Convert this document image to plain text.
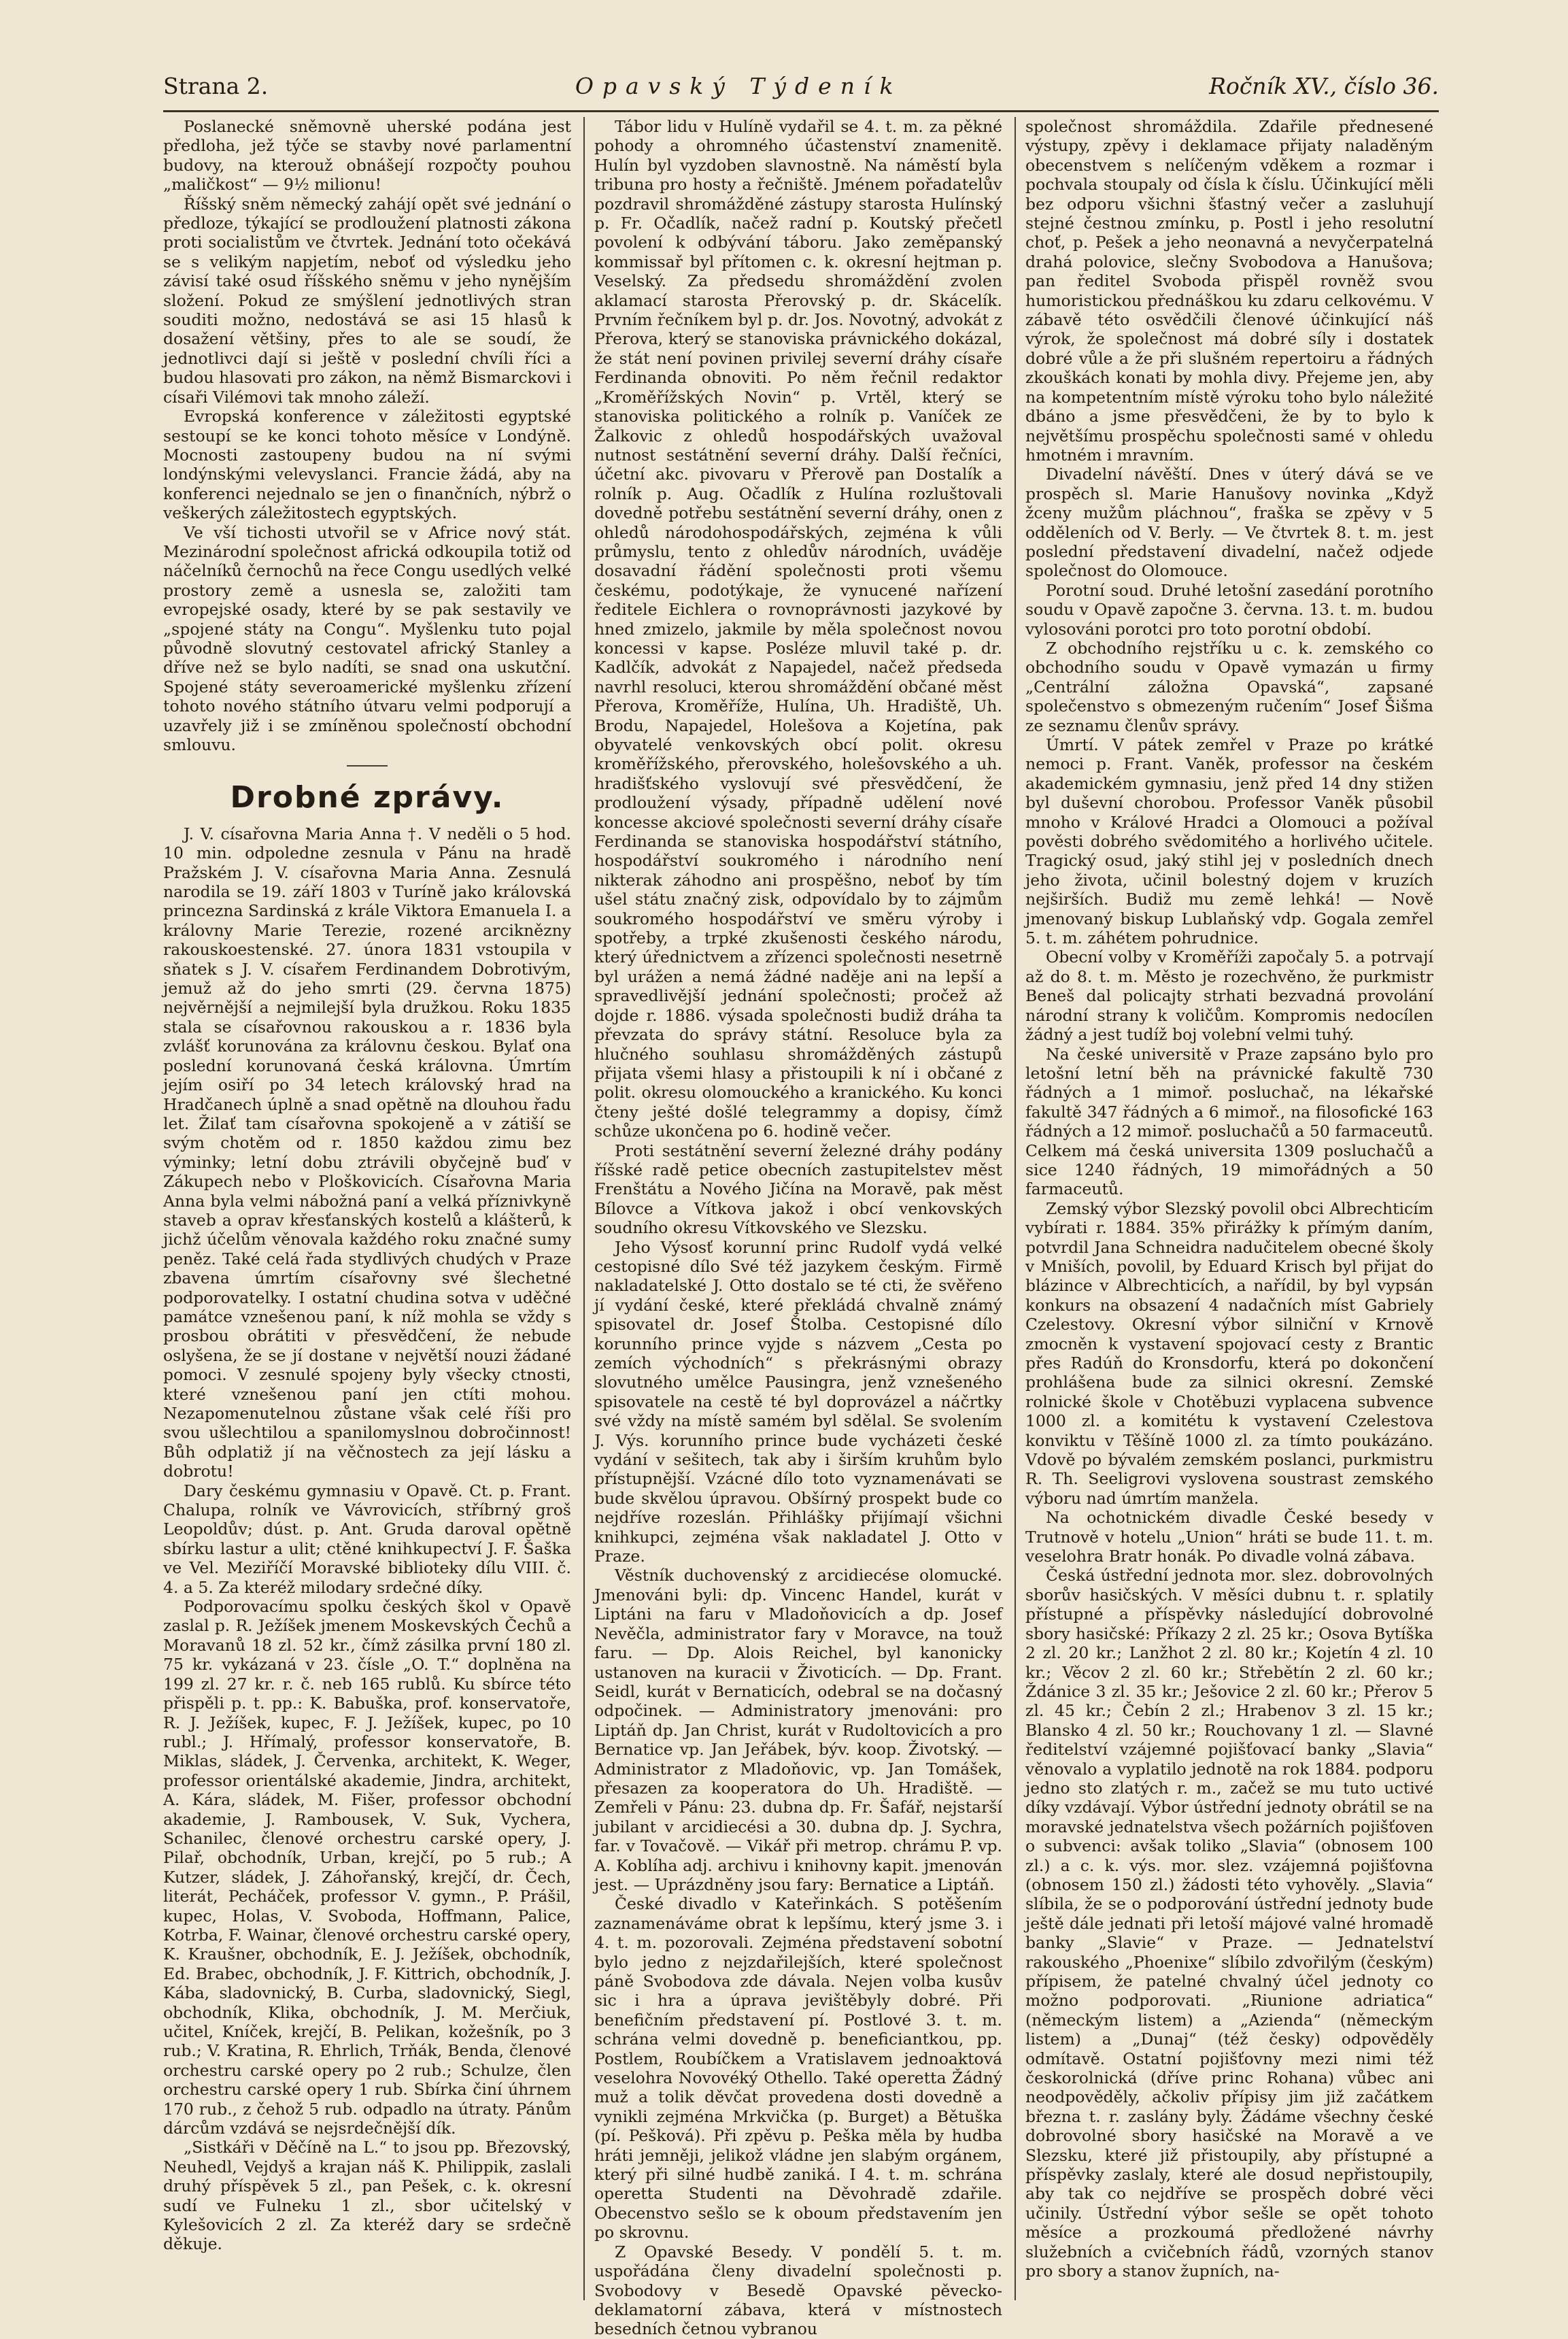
Strana 2.	Opavský Týdeník	Ročník XV., číslo 36.

Poslanecké sněmovně uherské podána jest předloha, jež týče se stavby nové parlamentní budovy, na kterouž obnášejí rozpočty pouhou „maličkost“ — 9½ milionu!

Říšský sněm německý zahájí opět své jednání o předloze, týkající se prodloužení platnosti zákona proti socialistům ve čtvrtek. Jednání toto očekává se s velikým napjetím, neboť od výsledku jeho závisí také osud říšského sněmu v jeho nynějším složení. Pokud ze smýšlení jednotlivých stran souditi možno, nedostává se asi 15 hlasů k dosažení většiny, přes to ale se soudí, že jednotlivci dají si ještě v poslední chvíli říci a budou hlasovati pro zákon, na němž Bismarckovi i císaři Vilémovi tak mnoho záleží.

Evropská konference v záležitosti egyptské sestoupí se ke konci tohoto měsíce v Londýně. Mocnosti zastoupeny budou na ní svými londýnskými velevyslanci. Francie žádá, aby na konferenci nejednalo se jen o finančních, nýbrž o veškerých záležitostech egyptských.

Ve vší tichosti utvořil se v Africe nový stát. Mezinárodní společnost africká odkoupila totiž od náčelníků černochů na řece Congu usedlých velké prostory země a usnesla se, založiti tam evropejské osady, které by se pak sestavily ve „spojené státy na Congu“. Myšlenku tuto pojal původně slovutný cestovatel africký Stanley a dříve než se bylo nadíti, se snad ona uskutční. Spojené státy severoamerické myšlenku zřízení tohoto nového státního útvaru velmi podporují a uzavřely již i se zmíněnou společností obchodní smlouvu.

Drobné zprávy.

J. V. císařovna Maria Anna †. V neděli o 5 hod. 10 min. odpoledne zesnula v Pánu na hradě Pražském J. V. císařovna Maria Anna. Zesnulá narodila se 19. září 1803 v Turíně jako královská princezna Sardinská z krále Viktora Emanuela I. a královny Marie Terezie, rozené arciknězny rakouskoestenské. 27. února 1831 vstoupila v sňatek s J. V. císařem Ferdinandem Dobrotivým, jemuž až do jeho smrti (29. června 1875) nejvěrnější a nejmilejší byla družkou. Roku 1835 stala se císařovnou rakouskou a r. 1836 byla zvlášť korunována za královnu českou. Bylať ona poslední korunovaná česká královna. Úmrtím jejím osiří po 34 letech královský hrad na Hradčanech úplně a snad opětně na dlouhou řadu let. Žilať tam císařovna spokojeně a v zátiší se svým chotěm od r. 1850 každou zimu bez výminky; letní dobu ztrávili obyčejně buď v Zákupech nebo v Ploškovicích. Císařovna Maria Anna byla velmi nábožná paní a velká příznivkyně staveb a oprav křesťanských kostelů a klášterů, k jichž účelům věnovala každého roku značné sumy peněz. Také celá řada stydlivých chudých v Praze zbavena úmrtím císařovny své šlechetné podporovatelky. I ostatní chudina sotva v uděčné památce vznešenou paní, k níž mohla se vždy s prosbou obrátiti v přesvědčení, že nebude oslyšena, že se jí dostane v největší nouzi žádané pomoci. V zesnulé spojeny byly všecky ctnosti, které vznešenou paní jen ctíti mohou. Nezapomenutelnou zůstane však celé říši pro svou ušlechtilou a spanilomyslnou dobročinnost! Bůh odplatiž jí na věčnostech za její lásku a dobrotu!

Dary českému gymnasiu v Opavě. Ct. p. Frant. Chalupa, rolník ve Vávrovicích, stříbrný groš Leopoldův; dúst. p. Ant. Gruda daroval opětně sbírku lastur a ulit; ctěné knihkupectví J. F. Šaška ve Vel. Meziříčí Moravské biblioteky dílu VIII. č. 4. a 5. Za kteréž milodary srdečné díky.

Podporovacímu spolku českých škol v Opavě zaslal p. R. Ježíšek jmenem Moskevských Čechů a Moravanů 18 zl. 52 kr., čímž zásilka první 180 zl. 75 kr. vykázaná v 23. čísle „O. T.“ doplněna na 199 zl. 27 kr. r. č. neb 165 rublů. Ku sbírce této přispěli p. t. pp.: K. Babuška, prof. konservatoře, R. J. Ježíšek, kupec, F. J. Ježíšek, kupec, po 10 rubl.; J. Hřímalý, professor konservatoře, B. Miklas, sládek, J. Červenka, architekt, K. Weger, professor orientálské akademie, Jindra, architekt, A. Kára, sládek, M. Fišer, professor obchodní akademie, J. Rambousek, V. Suk, Vychera, Schanilec, členové orchestru carské opery, J. Pilař, obchodník, Urban, krejčí, po 5 rub.; A Kutzer, sládek, J. Záhořanský, krejčí, dr. Čech, literát, Pecháček, professor V. gymn., P. Prášil, kupec, Holas, V. Svoboda, Hoffmann, Palice, Kotrba, F. Wainar, členové orchestru carské opery, K. Kraušner, obchodník, E. J. Ježíšek, obchodník, Ed. Brabec, obchodník, J. F. Kittrich, obchodník, J. Kába, sladovnický, B. Curba, sladovnický, Siegl, obchodník, Klika, obchodník, J. M. Merčiuk, učitel, Kníček, krejčí, B. Pelikan, kožešník, po 3 rub.; V. Kratina, R. Ehrlich, Trňák, Benda, členové orchestru carské opery po 2 rub.; Schulze, člen orchestru carské opery 1 rub. Sbírka činí úhrnem 170 rub., z čehož 5 rub. odpadlo na útraty. Pánům dárcům vzdává se nejsrdečnější dík.

„Sistkáři v Děčíně na L.“ to jsou pp. Březovský, Neuhedl, Vejdyš a krajan náš K. Philippik, zaslali druhý příspěvek 5 zl., pan Pešek, c. k. okresní sudí ve Fulneku 1 zl., sbor učitelský v Kylešovicích 2 zl. Za kteréž dary se srdečně děkuje.

Tábor lidu v Hulíně vydařil se 4. t. m. za pěkné pohody a ohromného účastenství znamenitě. Hulín byl vyzdoben slavnostně. Na náměstí byla tribuna pro hosty a řečniště. Jménem pořadatelův pozdravil shromážděné zástupy starosta Hulínský p. Fr. Očadlík, načež radní p. Koutský přečetl povolení k odbývání táboru. Jako zeměpanský kommissař byl přítomen c. k. okresní hejtman p. Veselský. Za předsedu shromáždění zvolen aklamací starosta Přerovský p. dr. Skácelík. Prvním řečníkem byl p. dr. Jos. Novotný, advokát z Přerova, který se stanoviska právnického dokázal, že stát není povinen privilej severní dráhy císaře Ferdinanda obnoviti. Po něm řečnil redaktor „Kroměřížských Novin“ p. Vrtěl, který se stanoviska politického a rolník p. Vaníček ze Žalkovic z ohledů hospodářských uvažoval nutnost sestátnění severní dráhy. Další řečníci, účetní akc. pivovaru v Přerově pan Dostalík a rolník p. Aug. Očadlík z Hulína rozluštovali dovedně potřebu sestátnění severní dráhy, onen z ohledů národohospodářských, zejména k vůli průmyslu, tento z ohledův národních, uváděje dosavadní řádění společnosti proti všemu českému, podotýkaje, že vynucené nařízení ředitele Eichlera o rovnoprávnosti jazykové by hned zmizelo, jakmile by měla společnost novou koncessi v kapse. Posléze mluvil také p. dr. Kadlčík, advokát z Napajedel, načež předseda navrhl resoluci, kterou shromáždění občané měst Přerova, Kroměříže, Hulína, Uh. Hradiště, Uh. Brodu, Napajedel, Holešova a Kojetína, pak obyvatelé venkovských obcí polit. okresu kroměřížského, přerovského, holešovského a uh. hradišťského vyslovují své přesvědčení, že prodloužení výsady, případně udělení nové koncesse akciové společnosti severní dráhy císaře Ferdinanda se stanoviska hospodářství státního, hospodářství soukromého i národního není nikterak záhodno ani prospěšno, neboť by tím ušel státu značný zisk, odpovídalo by to zájmům soukromého hospodářství ve směru výroby i spotřeby, a trpké zkušenosti českého národu, který úřednictvem a zřízenci společnosti nesetrně byl urážen a nemá žádné naděje ani na lepší a spravedlivější jednání společnosti; pročež až dojde r. 1886. výsada společnosti budiž dráha ta převzata do správy státní. Resoluce byla za hlučného souhlasu shromážděných zástupů přijata všemi hlasy a přistoupili k ní i občané z polit. okresu olomouckého a kranického. Ku konci čteny ješté došlé telegrammy a dopisy, čímž schůze ukončena po 6. hodině večer.

Proti sestátnění severní železné dráhy podány říšské radě petice obecních zastupitelstev měst Frenštátu a Nového Jičína na Moravě, pak měst Bílovce a Vítkova jakož i obcí venkovských soudního okresu Vítkovského ve Slezsku.

Jeho Výsosť korunní princ Rudolf vydá velké cestopisné dílo Své též jazykem českým. Firmě nakladatelské J. Otto dostalo se té cti, že svěřeno jí vydání české, které překládá chvalně známý spisovatel dr. Josef Štolba. Cestopisné dílo korunního prince vyjde s názvem „Cesta po zemích východních“ s překrásnými obrazy slovutného umělce Pausingra, jenž vznešeného spisovatele na cestě té byl doprovázel a náčrtky své vždy na místě samém byl sdělal. Se svolením J. Výs. korunního prince bude vycházeti české vydání v sešitech, tak aby i širším kruhům bylo přístupnější. Vzácné dílo toto vyznamenávati se bude skvělou úpravou. Obšírný prospekt bude co nejdříve rozeslán. Přihlášky přijímají všichni knihkupci, zejména však nakladatel J. Otto v Praze.

Věstník duchovenský z arcidiecése olomucké. Jmenováni byli: dp. Vincenc Handel, kurát v Liptáni na faru v Mladoňovicích a dp. Josef Nevěčla, administrator fary v Moravce, na touž faru. — Dp. Alois Reichel, byl kanonicky ustanoven na kuracii v Životicích. — Dp. Frant. Seidl, kurát v Bernaticích, odebral se na dočasný odpočinek. — Administratory jmenováni: pro Liptáň dp. Jan Christ, kurát v Rudoltovicích a pro Bernatice vp. Jan Jeřábek, býv. koop. Životský. — Administrator z Mladoňovic, vp. Jan Tomášek, přesazen za kooperatora do Uh. Hradiště. — Zemřeli v Pánu: 23. dubna dp. Fr. Šafář, nejstarší jubilant v arcidiecési a 30. dubna dp. J. Sychra, far. v Tovačově. — Vikář při metrop. chrámu P. vp. A. Koblíha adj. archivu i knihovny kapit. jmenován jest. — Uprázdněny jsou fary: Bernatice a Liptáň.

České divadlo v Kateřinkách. S potěšením zaznamenáváme obrat k lepšímu, který jsme 3. i 4. t. m. pozorovali. Zejména představení sobotní bylo jedno z nejzdařilejších, které společnost páně Svobodova zde dávala. Nejen volba kusův sic i hra a úprava jevištěbyly dobré. Při benefičním představení pí. Postlové 3. t. m. schrána velmi dovedně p. beneficiantkou, pp. Postlem, Roubíčkem a Vratislavem jednoaktová veselohra Novovéký Othello. Také operetta Žádný muž a tolik děvčat provedena dosti dovedně a vynikli zejména Mrkvička (p. Burget) a Bětuška (pí. Pešková). Při zpěvu p. Peška měla by hudba hráti jemněji, jelikož vládne jen slabým orgánem, který při silné hudbě zaniká. I 4. t. m. schrána operetta Studenti na Děvohradě zdařile. Obecenstvo sešlo se k oboum představením jen po skrovnu.

Z Opavské Besedy. V pondělí 5. t. m. uspořádána členy divadelní společnosti p. Svobodovy v Besedě Opavské pěvecko-deklamatorní zábava, která v místnostech besedních četnou vybranou

společnost shromáždila. Zdařile přednesené výstupy, zpěvy i deklamace přijaty naladěným obecenstvem s nelíčeným vděkem a rozmar i pochvala stoupaly od čísla k číslu. Účinkující měli bez odporu všichni šťastný večer a zasluhují stejné čestnou zmínku, p. Postl i jeho resolutní choť, p. Pešek a jeho neonavná a nevyčerpatelná drahá polovice, slečny Svobodova a Hanušova; pan ředitel Svoboda přispěl rovněž svou humoristickou přednáškou ku zdaru celkovému. V zábavě této osvědčili členové účinkující náš výrok, že společnost má dobré síly i dostatek dobré vůle a že při slušném repertoiru a řádných zkouškách konati by mohla divy. Přejeme jen, aby na kompetentním místě výroku toho bylo náležité dbáno a jsme přesvědčeni, že by to bylo k největšímu prospěchu společnosti samé v ohledu hmotném i mravním.

Divadelní návěští. Dnes v úterý dává se ve prospěch sl. Marie Hanušovy novinka „Když žceny mužům pláchnou“, fraška se zpěvy v 5 odděleních od V. Berly. — Ve čtvrtek 8. t. m. jest poslední představení divadelní, načež odjede společnost do Olomouce.

Porotní soud. Druhé letošní zasedání porotního soudu v Opavě započne 3. června. 13. t. m. budou vylosováni porotci pro toto porotní období.

Z obchodního rejstříku u c. k. zemského co obchodního soudu v Opavě vymazán u firmy „Centrální záložna Opavská“, zapsané společenstvo s obmezeným ručením“ Josef Šišma ze seznamu členův správy.

Úmrtí. V pátek zemřel v Praze po krátké nemoci p. Frant. Vaněk, professor na českém akademickém gymnasiu, jenž před 14 dny stižen byl duševní chorobou. Professor Vaněk působil mnoho v Králové Hradci a Olomouci a požíval pověsti dobrého svědomitého a horlivého učitele. Tragický osud, jaký stihl jej v posledních dnech jeho života, učinil bolestný dojem v kruzích nejširších. Budiž mu země lehká! — Nově jmenovaný biskup Lublaňský vdp. Gogala zemřel 5. t. m. záhétem pohrudnice.

Obecní volby v Kroměříži započaly 5. a potrvají až do 8. t. m. Město je rozechvěno, že purkmistr Beneš dal policajty strhati bezvadná provolání národní strany k voličům. Kompromis nedocílen žádný a jest tudíž boj volební velmi tuhý.

Na české universitě v Praze zapsáno bylo pro letošní letní běh na právnické fakultě 730 řádných a 1 mimoř. posluchač, na lékařské fakultě 347 řádných a 6 mimoř., na filosofické 163 řádných a 12 mimoř. posluchačů a 50 farmaceutů. Celkem má česká universita 1309 posluchačů a sice 1240 řádných, 19 mimořádných a 50 farmaceutů.

Zemský výbor Slezský povolil obci Albrechticím vybírati r. 1884. 35% přirážky k přímým daním, potvrdil Jana Schneidra nadučitelem obecné školy v Mniších, povolil, by Eduard Krisch byl přijat do blázince v Albrechticích, a nařídil, by byl vypsán konkurs na obsazení 4 nadačních míst Gabriely Czelestovy. Okresní výbor silniční v Krnově zmocněn k vystavení spojovací cesty z Brantic přes Radúň do Kronsdorfu, která po dokončení prohlášena bude za silnici okresní. Zemské rolnické škole v Chotěbuzi vyplacena subvence 1000 zl. a komitétu k vystavení Czelestova konviktu v Těšíně 1000 zl. za tímto poukázáno. Vdově po bývalém zemském poslanci, purkmistru R. Th. Seeligrovi vyslovena soustrast zemského výboru nad úmrtím manžela.

Na ochotnickém divadle České besedy v Trutnově v hotelu „Union“ hráti se bude 11. t. m. veselohra Bratr honák. Po divadle volná zábava.

Česká ústřední jednota mor. slez. dobrovolných sborův hasičských. V měsíci dubnu t. r. splatily přístupné a příspěvky následující dobrovolné sbory hasičské: Příkazy 2 zl. 25 kr.; Osova Bytíška 2 zl. 20 kr.; Lanžhot 2 zl. 80 kr.; Kojetín 4 zl. 10 kr.; Věcov 2 zl. 60 kr.; Střebětín 2 zl. 60 kr.; Ždánice 3 zl. 35 kr.; Ješovice 2 zl. 60 kr.; Přerov 5 zl. 45 kr.; Čebín 2 zl.; Hrabenov 3 zl. 15 kr.; Blansko 4 zl. 50 kr.; Rouchovany 1 zl. — Slavné ředitelství vzájemné pojišťovací banky „Slavia“ věnovalo a vyplatilo jednotě na rok 1884. podporu jedno sto zlatých r. m., začež se mu tuto uctivé díky vzdávají. Výbor ústřední jednoty obrátil se na moravské jednatelstva všech požárních pojišťoven o subvenci: avšak toliko „Slavia“ (obnosem 100 zl.) a c. k. výs. mor. slez. vzájemná pojišťovna (obnosem 150 zl.) žádosti této vyhověly. „Slavia“ slíbila, že se o podporování ústřední jednoty bude ještě dále jednati při letoší májové valné hromadě banky „Slavie“ v Praze. — Jednatelství rakouského „Phoenixe“ slíbilo zdvořilým (českým) přípisem, že patelné chvalný účel jednoty co možno podporovati. „Riunione adriatica“ (německým listem) a „Azienda“ (německým listem) a „Dunaj“ (též česky) odpověděly odmítavě. Ostatní pojišťovny mezi nimi též českorolnická (dříve princ Rohana) vůbec ani neodpověděly, ačkoliv přípisy jim již začátkem března t. r. zaslány byly. Žádáme všechny české dobrovolné sbory hasičské na Moravě a ve Slezsku, které již přistoupily, aby přístupné a příspěvky zaslaly, které ale dosud nepřistoupily, aby tak co nejdříve se prospěch dobré věci učinily. Ústřední výbor sešle se opět tohoto měsíce a prozkoumá předložené návrhy služebních a cvičebních řádů, vzorných stanov pro sbory a stanov župních, na-
